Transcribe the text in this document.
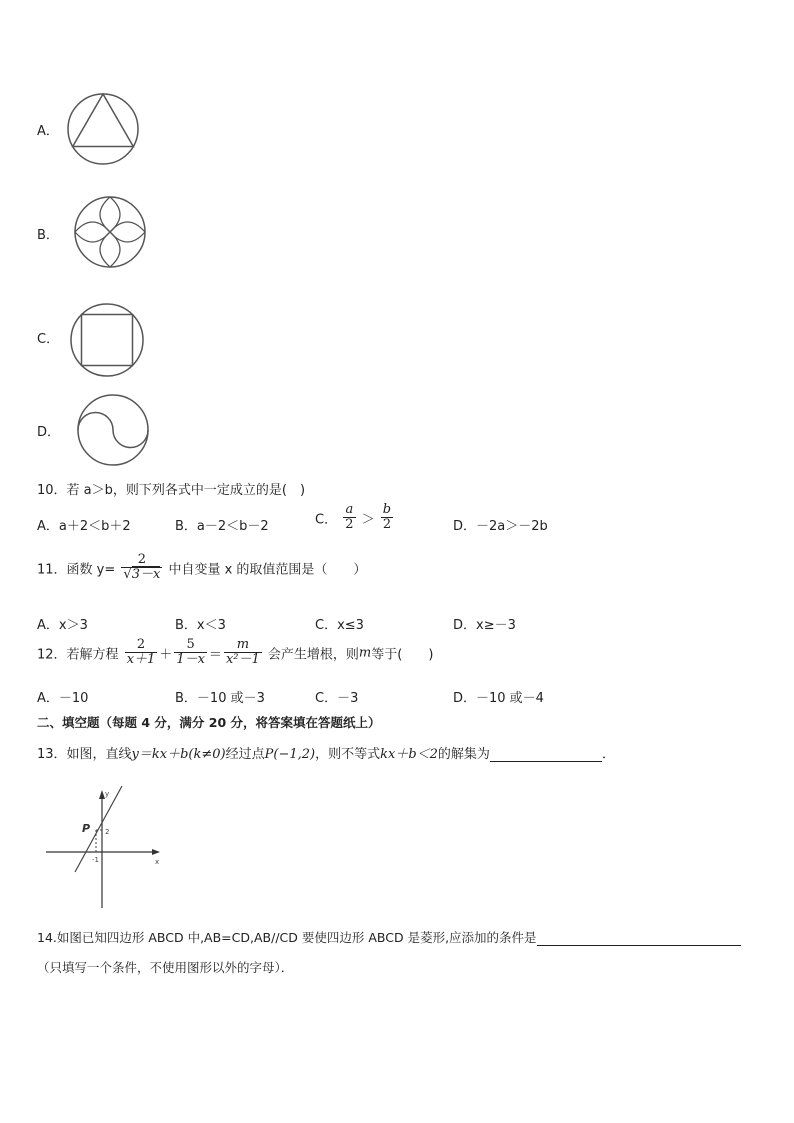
A．
B．
C．
D．
10．若 a＞b，则下列各式中一定成立的是(　)
A．a＋2＜b＋2	B．a－2＜b－2	C． $\frac{a}{2} > \frac{b}{2}$	D．－2a＞－2b
11．函数 $y= \frac{2}{√3-x}$ 中自变量 x 的取值范围是（　　）
A．x＞3	B．x＜3	C．x≤3	D．x≥－3
12．若解方程 $\frac{2}{x+1} + \frac{5}{1-x} = \frac{m}{\text{x²－1}}$ 会产生增根，则m等于(　　)
A．－10	B．－10 或－3	C．－3	D．－10 或－4
二、填空题（每题 4 分，满分 20 分，将答案填在答题纸上）
13．如图，直线y＝kx＋b(k≠0)经过点P(−1,2)，则不等式kx＋b＜2的解集为	．
y
x
P 2
-1
14.如图已知四边形 ABCD 中,AB=CD,AB//CD 要使四边形 ABCD 是菱形,应添加的条件是
（只填写一个条件，不使用图形以外的字母）．
